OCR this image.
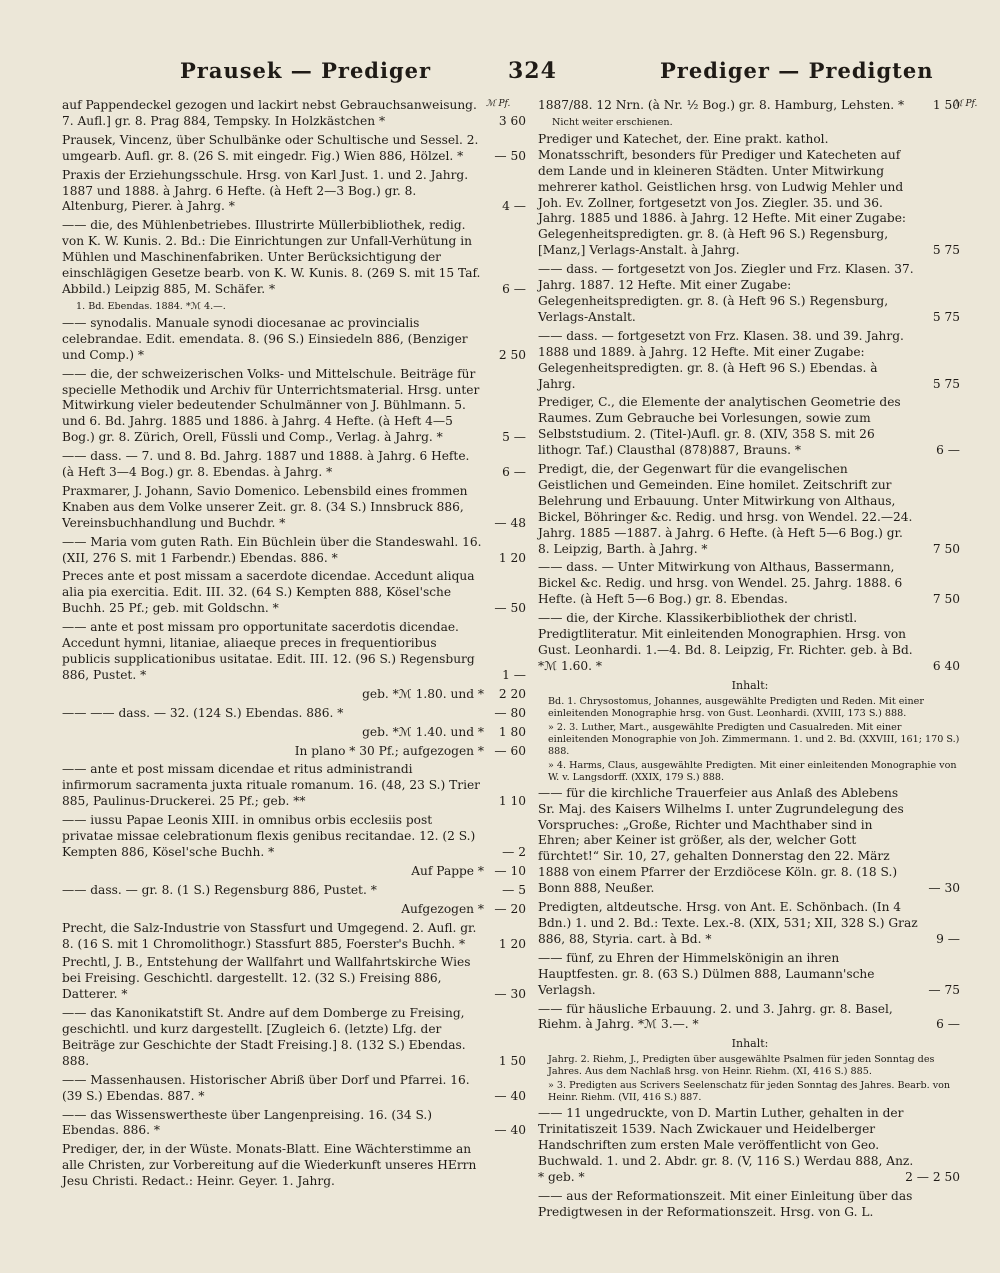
Prausek — Prediger	324	Prediger — Predigten
ℳ Pf.	ℳ Pf.
auf Pappendeckel gezogen und lackirt nebst Gebrauchsanweisung. 7. Aufl.] gr. 8. Prag 884, Tempsky. In Holzkästchen *	3 60
Prausek, Vincenz, über Schulbänke oder Schultische und Sessel. 2. umgearb. Aufl. gr. 8. (26 S. mit eingedr. Fig.) Wien 886, Hölzel. *	— 50
Praxis der Erziehungsschule. Hrsg. von Karl Just. 1. und 2. Jahrg. 1887 und 1888. à Jahrg. 6 Hefte. (à Heft 2—3 Bog.) gr. 8. Altenburg, Pierer. à Jahrg. *	4 —
—— die, des Mühlenbetriebes. Illustrirte Müllerbibliothek, redig. von K. W. Kunis. 2. Bd.: Die Einrichtungen zur Unfall-Verhütung in Mühlen und Maschinenfabriken. Unter Berücksichtigung der einschlägigen Gesetze bearb. von K. W. Kunis. 8. (269 S. mit 15 Taf. Abbild.) Leipzig 885, M. Schäfer. *	6 —
1. Bd. Ebendas. 1884. *ℳ 4.—.
—— synodalis. Manuale synodi diocesanae ac provincialis celebrandae. Edit. emendata. 8. (96 S.) Einsiedeln 886, (Benziger und Comp.) *	2 50
—— die, der schweizerischen Volks- und Mittelschule. Beiträge für specielle Methodik und Archiv für Unterrichtsmaterial. Hrsg. unter Mitwirkung vieler bedeutender Schulmänner von J. Bühlmann. 5. und 6. Bd. Jahrg. 1885 und 1886. à Jahrg. 4 Hefte. (à Heft 4—5 Bog.) gr. 8. Zürich, Orell, Füssli und Comp., Verlag. à Jahrg. *	5 —
—— dass. — 7. und 8. Bd. Jahrg. 1887 und 1888. à Jahrg. 6 Hefte. (à Heft 3—4 Bog.) gr. 8. Ebendas. à Jahrg. *	6 —
Praxmarer, J. Johann, Savio Domenico. Lebensbild eines frommen Knaben aus dem Volke unserer Zeit. gr. 8. (34 S.) Innsbruck 886, Vereinsbuchhandlung und Buchdr. *	— 48
—— Maria vom guten Rath. Ein Büchlein über die Standeswahl. 16. (XII, 276 S. mit 1 Farbendr.) Ebendas. 886. *	1 20
Preces ante et post missam a sacerdote dicendae. Accedunt aliqua alia pia exercitia. Edit. III. 32. (64 S.) Kempten 888, Kösel'sche Buchh. 25 Pf.; geb. mit Goldschn. *	— 50
—— ante et post missam pro opportunitate sacerdotis dicendae. Accedunt hymni, litaniae, aliaeque preces in frequentioribus publicis supplicationibus usitatae. Edit. III. 12. (96 S.) Regensburg 886, Pustet. *	1 —
geb. *ℳ 1.80. und * 2 20
—— —— dass. — 32. (124 S.) Ebendas. 886. *	— 80
geb. *ℳ 1.40. und * 1 80
In plano * 30 Pf.; aufgezogen * — 60
—— ante et post missam dicendae et ritus administrandi infirmorum sacramenta juxta rituale romanum. 16. (48, 23 S.) Trier 885, Paulinus-Druckerei. 25 Pf.; geb. **	1 10
—— iussu Papae Leonis XIII. in omnibus orbis ecclesiis post privatae missae celebrationum flexis genibus recitandae. 12. (2 S.) Kempten 886, Kösel'sche Buchh. *	— 2
Auf Pappe * — 10
—— dass. — gr. 8. (1 S.) Regensburg 886, Pustet. *	— 5
Aufgezogen * — 20
Precht, die Salz-Industrie von Stassfurt und Umgegend. 2. Aufl. gr. 8. (16 S. mit 1 Chromolithogr.) Stassfurt 885, Foerster's Buchh. *	1 20
Prechtl, J. B., Entstehung der Wallfahrt und Wallfahrtskirche Wies bei Freising. Geschichtl. dargestellt. 12. (32 S.) Freising 886, Datterer. *	— 30
—— das Kanonikatstift St. Andre auf dem Domberge zu Freising, geschichtl. und kurz dargestellt. [Zugleich 6. (letzte) Lfg. der Beiträge zur Geschichte der Stadt Freising.] 8. (132 S.) Ebendas. 888.	1 50
—— Massenhausen. Historischer Abriß über Dorf und Pfarrei. 16. (39 S.) Ebendas. 887. *	— 40
—— das Wissenswertheste über Langenpreising. 16. (34 S.) Ebendas. 886. *	— 40
Prediger, der, in der Wüste. Monats-Blatt. Eine Wächterstimme an alle Christen, zur Vorbereitung auf die Wiederkunft unseres HErrn Jesu Christi. Redact.: Heinr. Geyer. 1. Jahrg.
1887/88. 12 Nrn. (à Nr. ½ Bog.) gr. 8. Hamburg, Lehsten. * 1 50
Nicht weiter erschienen.
Prediger und Katechet, der. Eine prakt. kathol. Monatsschrift, besonders für Prediger und Katecheten auf dem Lande und in kleineren Städten. Unter Mitwirkung mehrerer kathol. Geistlichen hrsg. von Ludwig Mehler und Joh. Ev. Zollner, fortgesetzt von Jos. Ziegler. 35. und 36. Jahrg. 1885 und 1886. à Jahrg. 12 Hefte. Mit einer Zugabe: Gelegenheitspredigten. gr. 8. (à Heft 96 S.) Regensburg, [Manz,] Verlags-Anstalt. à Jahrg.	5 75
—— dass. — fortgesetzt von Jos. Ziegler und Frz. Klasen. 37. Jahrg. 1887. 12 Hefte. Mit einer Zugabe: Gelegenheitspredigten. gr. 8. (à Heft 96 S.) Regensburg, Verlags-Anstalt.	5 75
—— dass. — fortgesetzt von Frz. Klasen. 38. und 39. Jahrg. 1888 und 1889. à Jahrg. 12 Hefte. Mit einer Zugabe: Gelegenheitspredigten. gr. 8. (à Heft 96 S.) Ebendas. à Jahrg.	5 75
Prediger, C., die Elemente der analytischen Geometrie des Raumes. Zum Gebrauche bei Vorlesungen, sowie zum Selbststudium. 2. (Titel-)Aufl. gr. 8. (XIV, 358 S. mit 26 lithogr. Taf.) Clausthal (878)887, Brauns. *	6 —
Predigt, die, der Gegenwart für die evangelischen Geistlichen und Gemeinden. Eine homilet. Zeitschrift zur Belehrung und Erbauung. Unter Mitwirkung von Althaus, Bickel, Böhringer &c. Redig. und hrsg. von Wendel. 22.—24. Jahrg. 1885 —1887. à Jahrg. 6 Hefte. (à Heft 5—6 Bog.) gr. 8. Leipzig, Barth. à Jahrg. *	7 50
—— dass. — Unter Mitwirkung von Althaus, Bassermann, Bickel &c. Redig. und hrsg. von Wendel. 25. Jahrg. 1888. 6 Hefte. (à Heft 5—6 Bog.) gr. 8. Ebendas.	7 50
—— die, der Kirche. Klassikerbibliothek der christl. Predigtliteratur. Mit einleitenden Monographien. Hrsg. von Gust. Leonhardi. 1.—4. Bd. 8. Leipzig, Fr. Richter. geb. à Bd. *ℳ 1.60. *	6 40
Inhalt:
Bd. 1. Chrysostomus, Johannes, ausgewählte Predigten und Reden. Mit einer einleitenden Monographie hrsg. von Gust. Leonhardi. (XVIII, 173 S.) 888.
» 2. 3. Luther, Mart., ausgewählte Predigten und Casualreden. Mit einer einleitenden Monographie von Joh. Zimmermann. 1. und 2. Bd. (XXVIII, 161; 170 S.) 888.
» 4. Harms, Claus, ausgewählte Predigten. Mit einer einleitenden Monographie von W. v. Langsdorff. (XXIX, 179 S.) 888.
—— für die kirchliche Trauerfeier aus Anlaß des Ablebens Sr. Maj. des Kaisers Wilhelms I. unter Zugrundelegung des Vorspruches: „Große, Richter und Machthaber sind in Ehren; aber Keiner ist größer, als der, welcher Gott fürchtet!“ Sir. 10, 27, gehalten Donnerstag den 22. März 1888 von einem Pfarrer der Erzdiöcese Köln. gr. 8. (18 S.) Bonn 888, Neußer.	— 30
Predigten, altdeutsche. Hrsg. von Ant. E. Schönbach. (In 4 Bdn.) 1. und 2. Bd.: Texte. Lex.-8. (XIX, 531; XII, 328 S.) Graz 886, 88, Styria. cart. à Bd. *	9 —
—— fünf, zu Ehren der Himmelskönigin an ihren Hauptfesten. gr. 8. (63 S.) Dülmen 888, Laumann'sche Verlagsh.	— 75
—— für häusliche Erbauung. 2. und 3. Jahrg. gr. 8. Basel, Riehm. à Jahrg. *ℳ 3.—. *	6 —
Inhalt:
Jahrg. 2. Riehm, J., Predigten über ausgewählte Psalmen für jeden Sonntag des Jahres. Aus dem Nachlaß hrsg. von Heinr. Riehm. (XI, 416 S.) 885.
» 3. Predigten aus Scrivers Seelenschatz für jeden Sonntag des Jahres. Bearb. von Heinr. Riehm. (VII, 416 S.) 887.
—— 11 ungedruckte, von D. Martin Luther, gehalten in der Trinitatiszeit 1539. Nach Zwickauer und Heidelberger Handschriften zum ersten Male veröffentlicht von Geo. Buchwald. 1. und 2. Abdr. gr. 8. (V, 116 S.) Werdau 888, Anz. * geb. *	2 — 2 50
—— aus der Reformationszeit. Mit einer Einleitung über das Predigtwesen in der Reformationszeit. Hrsg. von G. L.
